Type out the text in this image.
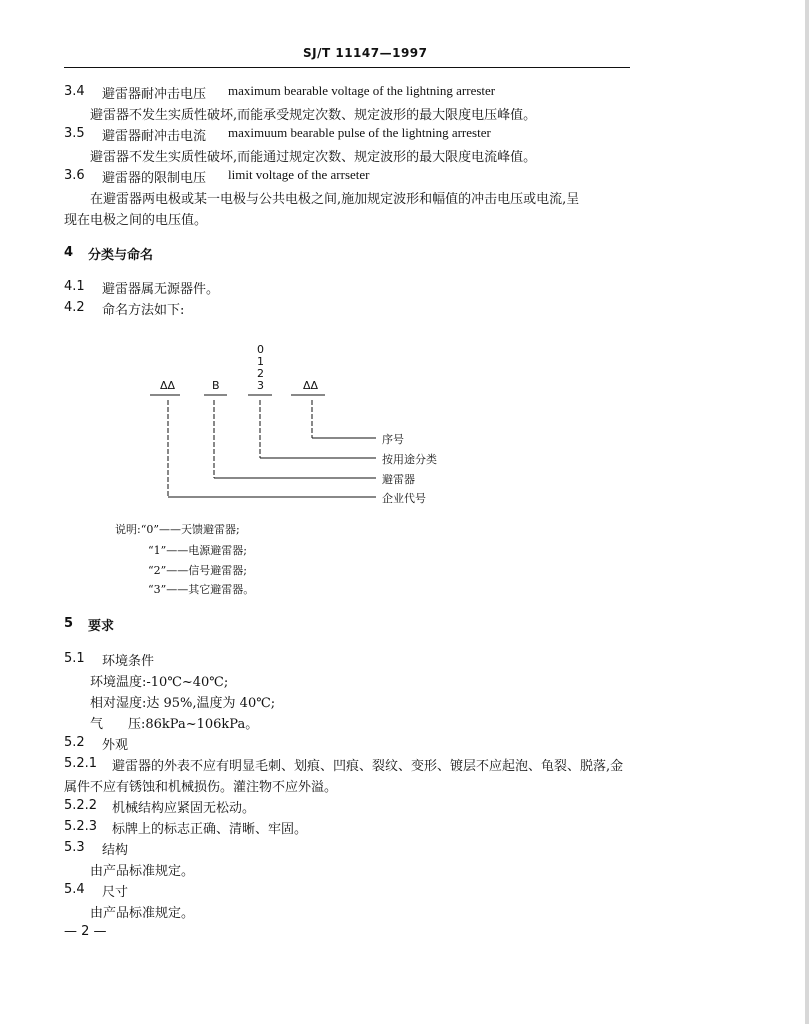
SJ/T 11147—1997
3.4 避雷器耐冲击电压 maximum bearable voltage of the lightning arrester
避雷器不发生实质性破坏,而能承受规定次数、规定波形的最大限度电压峰值。
3.5 避雷器耐冲击电流 maximuum bearable pulse of the lightning arrester
避雷器不发生实质性破坏,而能通过规定次数、规定波形的最大限度电流峰值。
3.6 避雷器的限制电压 limit voltage of the arrseter
在避雷器两电极或某一电极与公共电极之间,施加规定波形和幅值的冲击电压或电流,呈
现在电极之间的电压值。
4 分类与命名
4.1 避雷器属无源器件。
4.2 命名方法如下:
0
1
2
3
ΔΔ	B	ΔΔ
序号
按用途分类
避雷器
企业代号
说明:“0”——天馈避雷器;
“1”——电源避雷器;
“2”——信号避雷器;
“3”——其它避雷器。
5 要求
5.1 环境条件
环境温度:-10℃~40℃;
相对湿度:达 95%,温度为 40℃;
气 压:86kPa~106kPa。
5.2 外观
5.2.1 避雷器的外表不应有明显毛刺、划痕、凹痕、裂纹、变形、镀层不应起泡、龟裂、脱落,金
属件不应有锈蚀和机械损伤。灌注物不应外溢。
5.2.2 机械结构应紧固无松动。
5.2.3 标牌上的标志正确、清晰、牢固。
5.3 结构
由产品标准规定。
5.4 尺寸
由产品标准规定。
— 2 —
